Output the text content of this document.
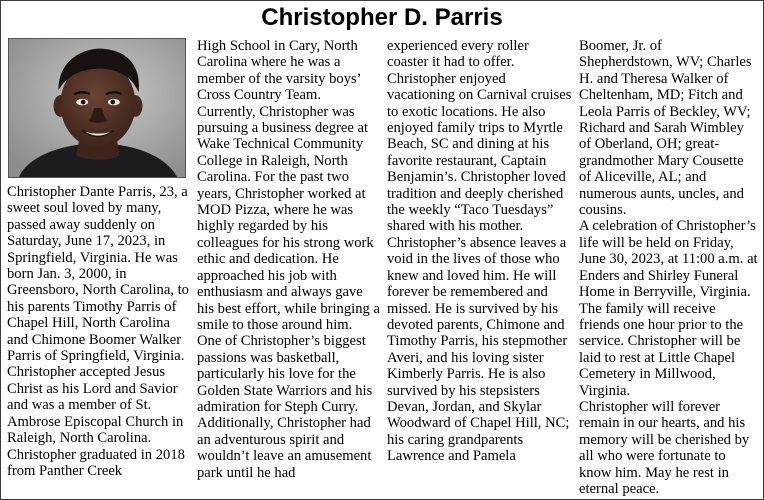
Christopher D. Parris

Christopher Dante Parris, 23, a sweet soul loved by many, passed away suddenly on Saturday, June 17, 2023, in Springfield, Virginia. He was born Jan. 3, 2000, in Greensboro, North Carolina, to his parents Timothy Parris of Chapel Hill, North Carolina and Chimone Boomer Walker Parris of Springfield, Virginia. Christopher accepted Jesus Christ as his Lord and Savior and was a member of St. Ambrose Episcopal Church in Raleigh, North Carolina. Christopher graduated in 2018 from Panther Creek

High School in Cary, North Carolina where he was a member of the varsity boys’ Cross Country Team. Currently, Christopher was pursuing a business degree at Wake Technical Community College in Raleigh, North Carolina. For the past two years, Christopher worked at MOD Pizza, where he was highly regarded by his colleagues for his strong work ethic and dedication. He approached his job with enthusiasm and always gave his best effort, while bringing a smile to those around him.

One of Christopher’s biggest passions was basketball, particularly his love for the Golden State Warriors and his admiration for Steph Curry. Additionally, Christopher had an adventurous spirit and wouldn’t leave an amusement park until he had

experienced every roller coaster it had to offer. Christopher enjoyed vacationing on Carnival cruises to exotic locations. He also enjoyed family trips to Myrtle Beach, SC and dining at his favorite restaurant, Captain Benjamin’s. Christopher loved tradition and deeply cherished the weekly “Taco Tuesdays” shared with his mother.

Christopher’s absence leaves a void in the lives of those who knew and loved him. He will forever be remembered and missed. He is survived by his devoted parents, Chimone and Timothy Parris, his stepmother Averi, and his loving sister Kimberly Parris. He is also survived by his stepsisters Devan, Jordan, and Skylar Woodward of Chapel Hill, NC; his caring grandparents Lawrence and Pamela

Boomer, Jr. of Shepherdstown, WV; Charles H. and Theresa Walker of Cheltenham, MD; Fitch and Leola Parris of Beckley, WV; Richard and Sarah Wimbley of Oberland, OH; great-grandmother Mary Cousette of Aliceville, AL; and numerous aunts, uncles, and cousins.

A celebration of Christopher’s life will be held on Friday, June 30, 2023, at 11:00 a.m. at Enders and Shirley Funeral Home in Berryville, Virginia. The family will receive friends one hour prior to the service. Christopher will be laid to rest at Little Chapel Cemetery in Millwood, Virginia.

Christopher will forever remain in our hearts, and his memory will be cherished by all who were fortunate to know him. May he rest in eternal peace.
